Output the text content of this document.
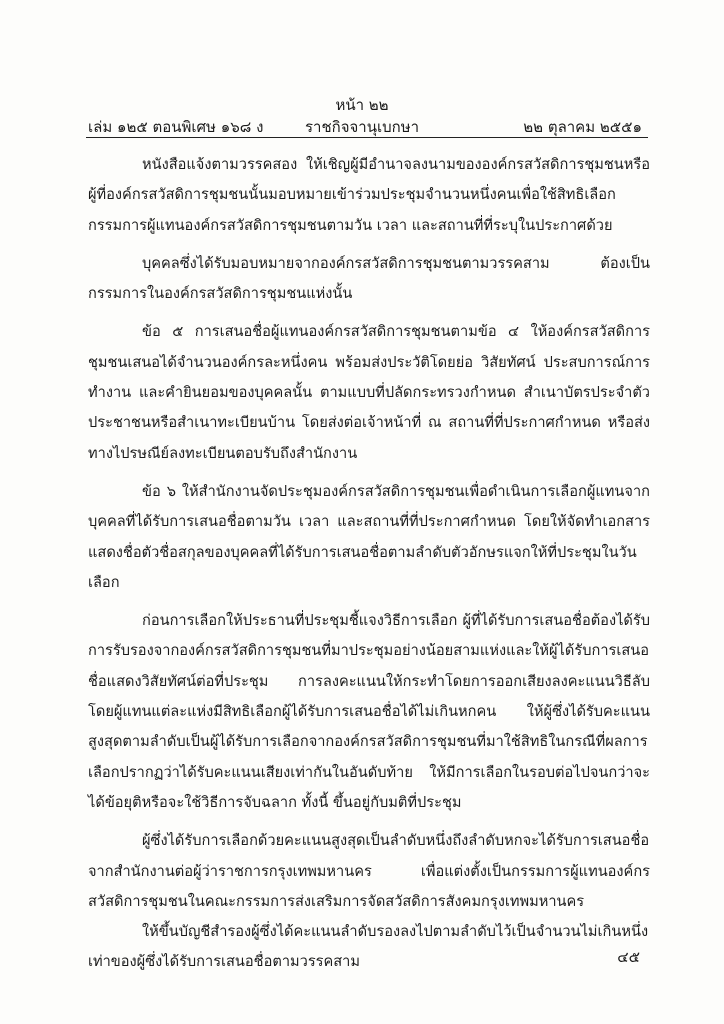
หน้า ๒๒
เล่ม ๑๒๕ ตอนพิเศษ ๑๖๘ ง	ราชกิจจานุเบกษา	๒๒ ตุลาคม ๒๕๕๑

หนังสือแจ้งตามวรรคสอง ให้เชิญผู้มีอำนาจลงนามขององค์กรสวัสดิการชุมชนหรือผู้ที่องค์กรสวัสดิการชุมชนนั้นมอบหมายเข้าร่วมประชุมจำนวนหนึ่งคนเพื่อใช้สิทธิเลือกกรรมการผู้แทนองค์กรสวัสดิการชุมชนตามวัน เวลา และสถานที่ที่ระบุในประกาศด้วย

บุคคลซึ่งได้รับมอบหมายจากองค์กรสวัสดิการชุมชนตามวรรคสาม ต้องเป็นกรรมการในองค์กรสวัสดิการชุมชนแห่งนั้น

ข้อ ๕ การเสนอชื่อผู้แทนองค์กรสวัสดิการชุมชนตามข้อ ๔ ให้องค์กรสวัสดิการชุมชนเสนอได้จำนวนองค์กรละหนึ่งคน พร้อมส่งประวัติโดยย่อ วิสัยทัศน์ ประสบการณ์การทำงาน และคำยินยอมของบุคคลนั้น ตามแบบที่ปลัดกระทรวงกำหนด สำเนาบัตรประจำตัวประชาชนหรือสำเนาทะเบียนบ้าน โดยส่งต่อเจ้าหน้าที่ ณ สถานที่ที่ประกาศกำหนด หรือส่งทางไปรษณีย์ลงทะเบียนตอบรับถึงสำนักงาน

ข้อ ๖ ให้สำนักงานจัดประชุมองค์กรสวัสดิการชุมชนเพื่อดำเนินการเลือกผู้แทนจากบุคคลที่ได้รับการเสนอชื่อตามวัน เวลา และสถานที่ที่ประกาศกำหนด โดยให้จัดทำเอกสารแสดงชื่อตัวชื่อสกุลของบุคคลที่ได้รับการเสนอชื่อตามลำดับตัวอักษรแจกให้ที่ประชุมในวันเลือก

ก่อนการเลือกให้ประธานที่ประชุมชี้แจงวิธีการเลือก ผู้ที่ได้รับการเสนอชื่อต้องได้รับการรับรองจากองค์กรสวัสดิการชุมชนที่มาประชุมอย่างน้อยสามแห่งและให้ผู้ได้รับการเสนอชื่อแสดงวิสัยทัศน์ต่อที่ประชุม การลงคะแนนให้กระทำโดยการออกเสียงลงคะแนนวิธีลับ โดยผู้แทนแต่ละแห่งมีสิทธิเลือกผู้ได้รับการเสนอชื่อได้ไม่เกินหกคน ให้ผู้ซึ่งได้รับคะแนนสูงสุดตามลำดับเป็นผู้ได้รับการเลือกจากองค์กรสวัสดิการชุมชนที่มาใช้สิทธิในกรณีที่ผลการเลือกปรากฏว่าได้รับคะแนนเสียงเท่ากันในอันดับท้าย ให้มีการเลือกในรอบต่อไปจนกว่าจะได้ข้อยุติหรือจะใช้วิธีการจับฉลาก ทั้งนี้ ขึ้นอยู่กับมติที่ประชุม

ผู้ซึ่งได้รับการเลือกด้วยคะแนนสูงสุดเป็นลำดับหนึ่งถึงลำดับหกจะได้รับการเสนอชื่อจากสำนักงานต่อผู้ว่าราชการกรุงเทพมหานคร เพื่อแต่งตั้งเป็นกรรมการผู้แทนองค์กรสวัสดิการชุมชนในคณะกรรมการส่งเสริมการจัดสวัสดิการสังคมกรุงเทพมหานคร

ให้ขึ้นบัญชีสำรองผู้ซึ่งได้คะแนนลำดับรองลงไปตามลำดับไว้เป็นจำนวนไม่เกินหนึ่งเท่าของผู้ซึ่งได้รับการเสนอชื่อตามวรรคสาม	๔๕
